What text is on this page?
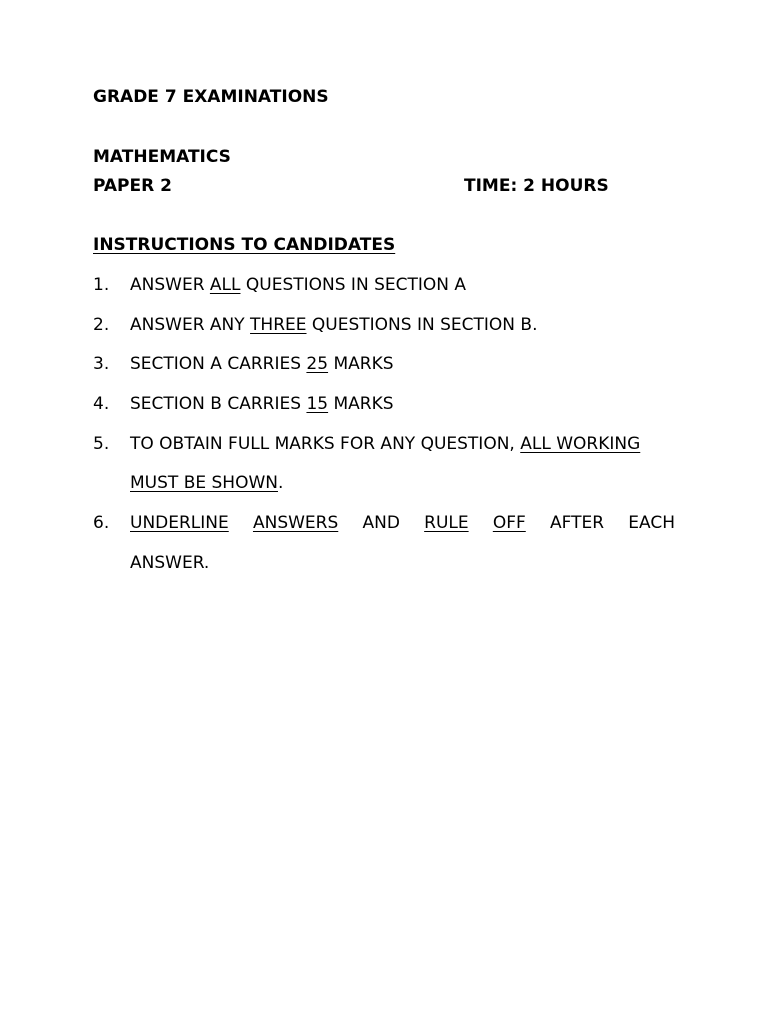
GRADE 7 EXAMINATIONS
MATHEMATICS
PAPER 2	TIME: 2 HOURS
INSTRUCTIONS TO CANDIDATES
1. ANSWER ALL QUESTIONS IN SECTION A
2. ANSWER ANY THREE QUESTIONS IN SECTION B.
3. SECTION A CARRIES 25 MARKS
4. SECTION B CARRIES 15 MARKS
5. TO OBTAIN FULL MARKS FOR ANY QUESTION, ALL WORKING
MUST BE SHOWN.
6. UNDERLINE ANSWERS AND RULE OFF AFTER EACH
ANSWER.
